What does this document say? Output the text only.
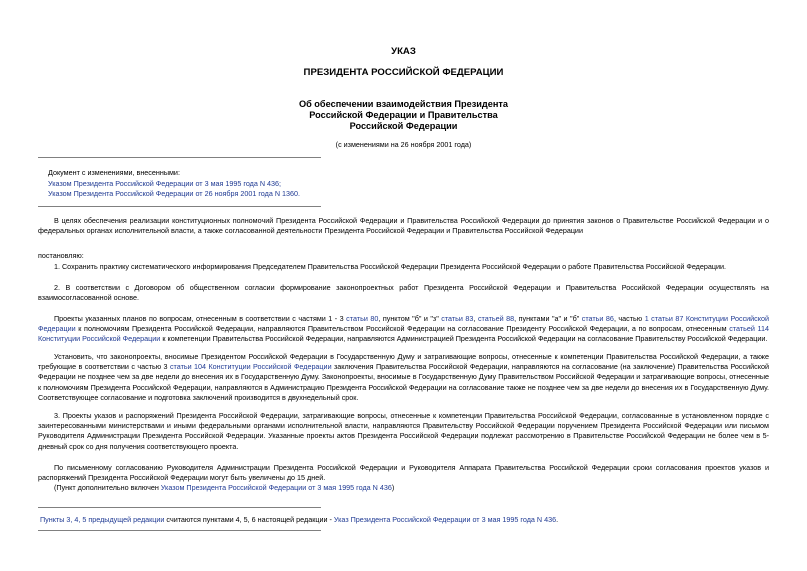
УКАЗ
ПРЕЗИДЕНТА РОССИЙСКОЙ ФЕДЕРАЦИИ
Об обеспечении взаимодействия Президента
Российской Федерации и Правительства
Российской Федерации
(с изменениями на 26 ноября 2001 года)
Документ с изменениями, внесенными:
Указом Президента Российской Федерации от 3 мая 1995 года N 436;
Указом Президента Российской Федерации от 26 ноября 2001 года N 1360.
В целях обеспечения реализации конституционных полномочий Президента Российской Федерации и Правительства Российской Федерации до принятия законов о Правительстве Российской Федерации и о федеральных органах исполнительной власти, а также согласованной деятельности Президента Российской Федерации и Правительства Российской Федерации
постановляю:
1. Сохранить практику систематического информирования Председателем Правительства Российской Федерации Президента Российской Федерации о работе Правительства Российской Федерации.
2. В соответствии с Договором об общественном согласии формирование законопроектных работ Президента Российской Федерации и Правительства Российской Федерации осуществлять на взаимосогласованной основе.
Проекты указанных планов по вопросам, отнесенным в соответствии с частями 1 - 3 статьи 80, пунктом "б" и "з" статьи 83, статьей 88, пунктами "а" и "б" статьи 86, частью 1 статьи 87 Конституции Российской Федерации к полномочиям Президента Российской Федерации, направляются Правительством Российской Федерации на согласование Президенту Российской Федерации, а по вопросам, отнесенным статьей 114 Конституции Российской Федерации к компетенции Правительства Российской Федерации, направляются Администрацией Президента Российской Федерации на согласование Правительству Российской Федерации.
Установить, что законопроекты, вносимые Президентом Российской Федерации в Государственную Думу и затрагивающие вопросы, отнесенные к компетенции Правительства Российской Федерации, а также требующие в соответствии с частью 3 статьи 104 Конституции Российской Федерации заключения Правительства Российской Федерации, направляются на согласование (на заключение) Правительства Российской Федерации не позднее чем за две недели до внесения их в Государственную Думу. Законопроекты, вносимые в Государственную Думу Правительством Российской Федерации и затрагивающие вопросы, отнесенные к полномочиям Президента Российской Федерации, направляются в Администрацию Президента Российской Федерации на согласование также не позднее чем за две недели до внесения их в Государственную Думу. Соответствующее согласование и подготовка заключений производится в двухнедельный срок.
3. Проекты указов и распоряжений Президента Российской Федерации, затрагивающие вопросы, отнесенные к компетенции Правительства Российской Федерации, согласованные в установленном порядке с заинтересованными министерствами и иными федеральными органами исполнительной власти, направляются Правительству Российской Федерации поручением Президента Российской Федерации или письмом Руководителя Администрации Президента Российской Федерации. Указанные проекты актов Президента Российской Федерации подлежат рассмотрению в Правительстве Российской Федерации не более чем в 5-дневный срок со дня получения соответствующего проекта.
По письменному согласованию Руководителя Администрации Президента Российской Федерации и Руководителя Аппарата Правительства Российской Федерации сроки согласования проектов указов и распоряжений Президента Российской Федерации могут быть увеличены до 15 дней.
(Пункт дополнительно включен Указом Президента Российской Федерации от 3 мая 1995 года N 436)
Пункты 3, 4, 5 предыдущей редакции считаются пунктами 4, 5, 6 настоящей редакции - Указ Президента Российской Федерации от 3 мая 1995 года N 436.
